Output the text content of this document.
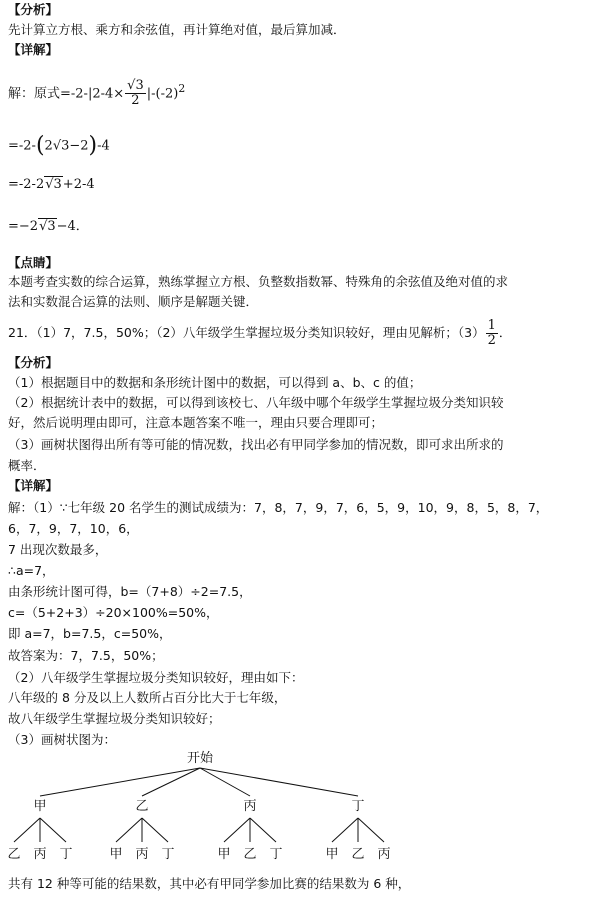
【分析】
先计算立方根、乘方和余弦值，再计算绝对值，最后算加减．
【详解】
解：原式$=-2-|2-4\times \frac{√3}{2} |-(-2)^2$
=-2-(2√3−2)-4
=-2-2√3+2-4
=−2√3−4．
【点睛】
本题考查实数的综合运算，熟练掌握立方根、负整数指数幂、特殊角的余弦值及绝对值的求
法和实数混合运算的法则、顺序是解题关键．
21．（1）7，7.5，50%；（2）八年级学生掌握垃圾分类知识较好，理由见解析；$(3) \frac{1}{2}$ ．
【分析】
（1）根据题目中的数据和条形统计图中的数据，可以得到 a、b、c 的值；
（2）根据统计表中的数据，可以得到该校七、八年级中哪个年级学生掌握垃圾分类知识较
好，然后说明理由即可，注意本题答案不唯一，理由只要合理即可；
（3）画树状图得出所有等可能的情况数，找出必有甲同学参加的情况数，即可求出所求的
概率．
【详解】
解：（1）∵七年级 20 名学生的测试成绩为：7，8，7，9，7，6，5，9，10，9，8，5，8，7，
6，7，9，7，10，6，
7 出现次数最多，
∴a=7，
由条形统计图可得，b=（7+8）÷2=7.5，
c=（5+2+3）÷20×100%=50%，
即 a=7，b=7.5，c=50%，
故答案为：7，7.5，50%；
（2）八年级学生掌握垃圾分类知识较好，理由如下：
八年级的 8 分及以上人数所占百分比大于七年级，
故八年级学生掌握垃圾分类知识较好；
（3）画树状图为：
开始
甲
乙 丙 丁
乙
甲 丙 丁
丙
甲 乙 丁
丁
甲 乙 丙
共有 12 种等可能的结果数，其中必有甲同学参加比赛的结果数为 6 种，
